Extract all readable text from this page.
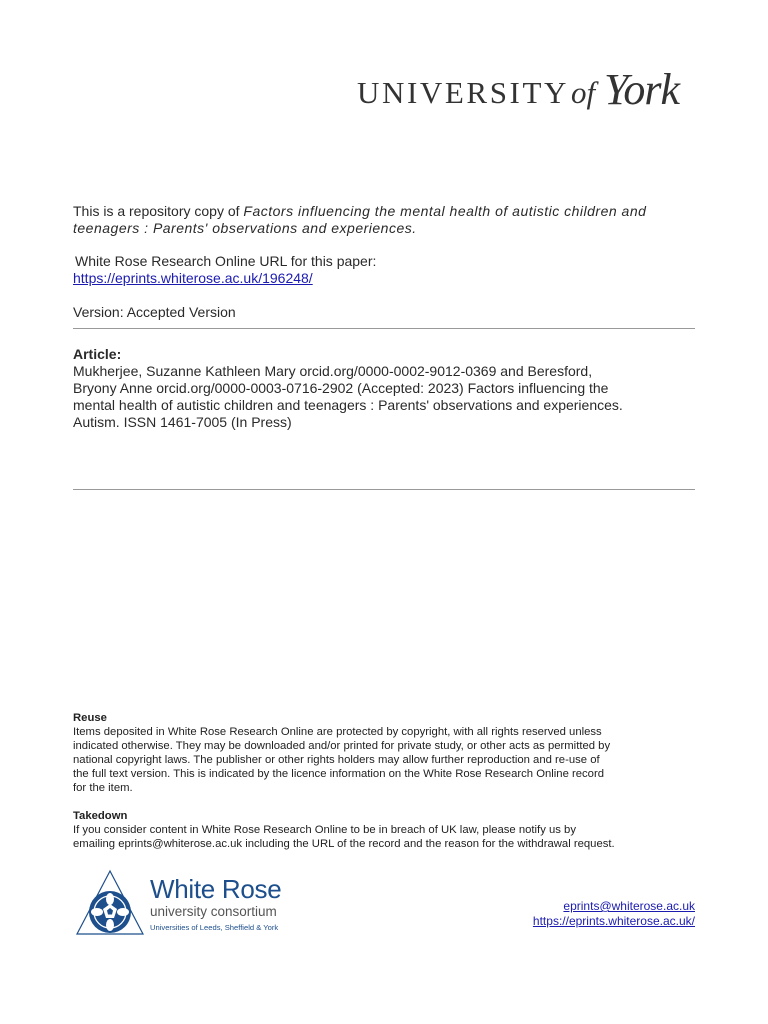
UNIVERSITY of York
This is a repository copy of Factors influencing the mental health of autistic children and
teenagers : Parents' observations and experiences.
White Rose Research Online URL for this paper:
https://eprints.whiterose.ac.uk/196248/
Version: Accepted Version
Article:
Mukherjee, Suzanne Kathleen Mary orcid.org/0000-0002-9012-0369 and Beresford,
Bryony Anne orcid.org/0000-0003-0716-2902 (Accepted: 2023) Factors influencing the
mental health of autistic children and teenagers : Parents' observations and experiences.
Autism. ISSN 1461-7005 (In Press)
Reuse
Items deposited in White Rose Research Online are protected by copyright, with all rights reserved unless
indicated otherwise. They may be downloaded and/or printed for private study, or other acts as permitted by
national copyright laws. The publisher or other rights holders may allow further reproduction and re-use of
the full text version. This is indicated by the licence information on the White Rose Research Online record
for the item.
Takedown
If you consider content in White Rose Research Online to be in breach of UK law, please notify us by
emailing eprints@whiterose.ac.uk including the URL of the record and the reason for the withdrawal request.
White Rose
university consortium
Universities of Leeds, Sheffield & York
eprints@whiterose.ac.uk
https://eprints.whiterose.ac.uk/
